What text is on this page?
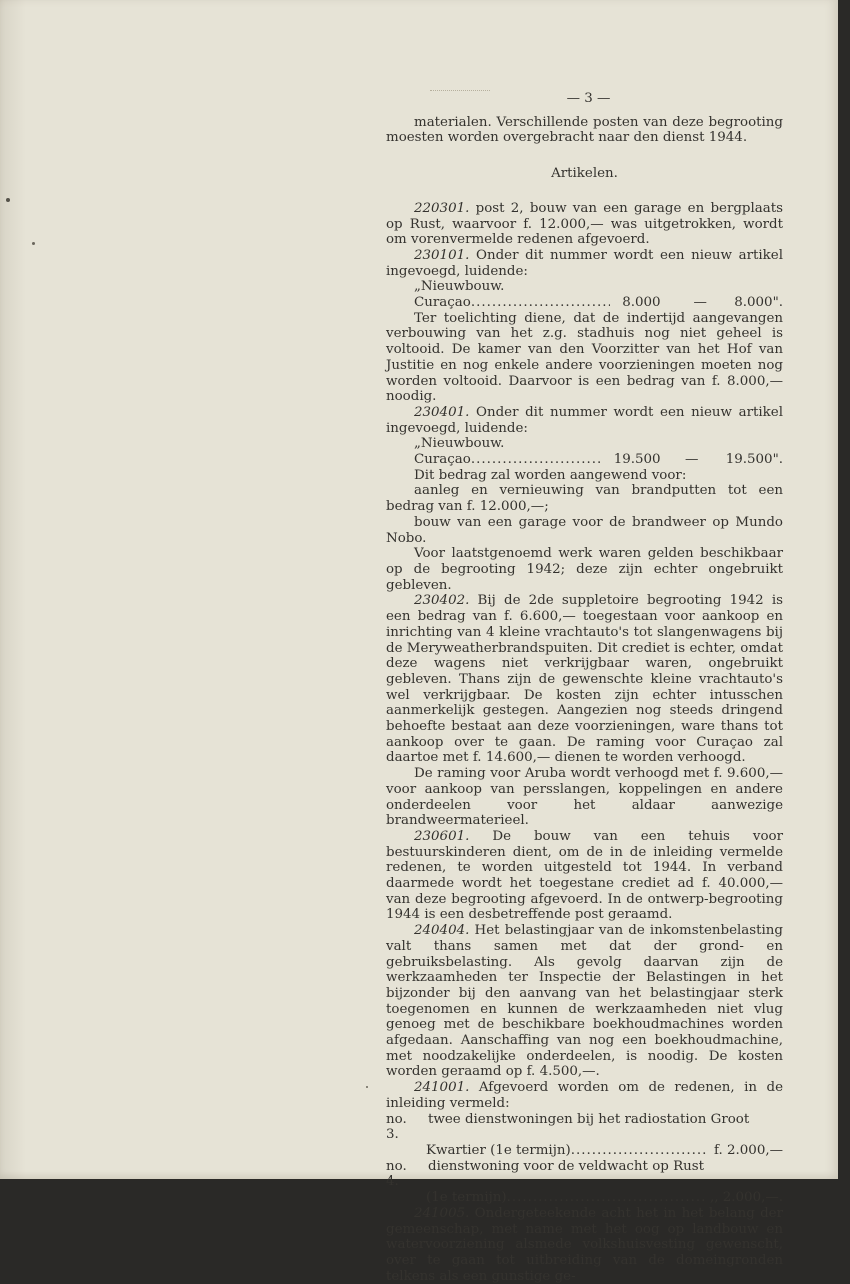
— 3 —

materialen. Verschillende posten van deze begrooting moesten worden overgebracht naar den dienst 1944.

Artikelen.

220301. post 2, bouw van een garage en bergplaats op Rust, waarvoor f. 12.000,— was uitgetrokken, wordt om vorenvermelde redenen afgevoerd.

230101. Onder dit nummer wordt een nieuw artikel ingevoegd, luidende:

„Nieuwbouw.
Curaçao .....	8.000	—	8.000".

Ter toelichting diene, dat de indertijd aangevangen verbouwing van het z.g. stadhuis nog niet geheel is voltooid. De kamer van den Voorzitter van het Hof van Justitie en nog enkele andere voorzieningen moeten nog worden voltooid. Daarvoor is een bedrag van f. 8.000,— noodig.

230401. Onder dit nummer wordt een nieuw artikel ingevoegd, luidende:

„Nieuwbouw.
Curaçao .....	19.500	—	19.500".

Dit bedrag zal worden aangewend voor:

aanleg en vernieuwing van brandputten tot een bedrag van f. 12.000,—;

bouw van een garage voor de brandweer op Mundo Nobo.

Voor laatstgenoemd werk waren gelden beschikbaar op de begrooting 1942; deze zijn echter ongebruikt gebleven.

230402. Bij de 2de suppletoire begrooting 1942 is een bedrag van f. 6.600,— toegestaan voor aankoop en inrichting van 4 kleine vrachtauto's tot slangenwagens bij de Meryweatherbrandspuiten. Dit crediet is echter, omdat deze wagens niet verkrijgbaar waren, ongebruikt gebleven. Thans zijn de gewenschte kleine vrachtauto's wel verkrijgbaar. De kosten zijn echter intusschen aanmerkelijk gestegen. Aangezien nog steeds dringend behoefte bestaat aan deze voorzieningen, ware thans tot aankoop over te gaan. De raming voor Curaçao zal daartoe met f. 14.600,— dienen te worden verhoogd.

De raming voor Aruba wordt verhoogd met f. 9.600,— voor aankoop van persslangen, koppelingen en andere onderdeelen voor het aldaar aanwezige brandweermaterieel.

230601. De bouw van een tehuis voor bestuurskinderen dient, om de in de inleiding vermelde redenen, te worden uitgesteld tot 1944. In verband daarmede wordt het toegestane crediet ad f. 40.000,— van deze begrooting afgevoerd. In de ontwerp-begrooting 1944 is een desbetreffende post geraamd.

240404. Het belastingjaar van de inkomstenbelasting valt thans samen met dat der grond- en gebruiksbelasting. Als gevolg daarvan zijn de werkzaamheden ter Inspectie der Belastingen in het bijzonder bij den aanvang van het belastingjaar sterk toegenomen en kunnen de werkzaamheden niet vlug genoeg met de beschikbare boekhoudmachines worden afgedaan. Aanschaffing van nog een boekhoudmachine, met noodzakelijke onderdeelen, is noodig. De kosten worden geraamd op f. 4.500,—.

241001. Afgevoerd worden om de redenen, in de inleiding vermeld:

no. 3.
twee dienstwoningen bij het radiostation Groot
Kwartier (1e termijn) .....	f. 2.000,—
no. 4.
dienstwoning voor de veldwacht op Rust
(1e termijn) .....	,, 2.000,—.

241005. Ondergeteekende acht het in het belang der gemeenschap, met name met het oog op landbouw en watervoorziening alsmede volkshuisvesting gewenscht, over te gaan tot uitbreiding van de domeingronden telkens als een gunstige ge-
